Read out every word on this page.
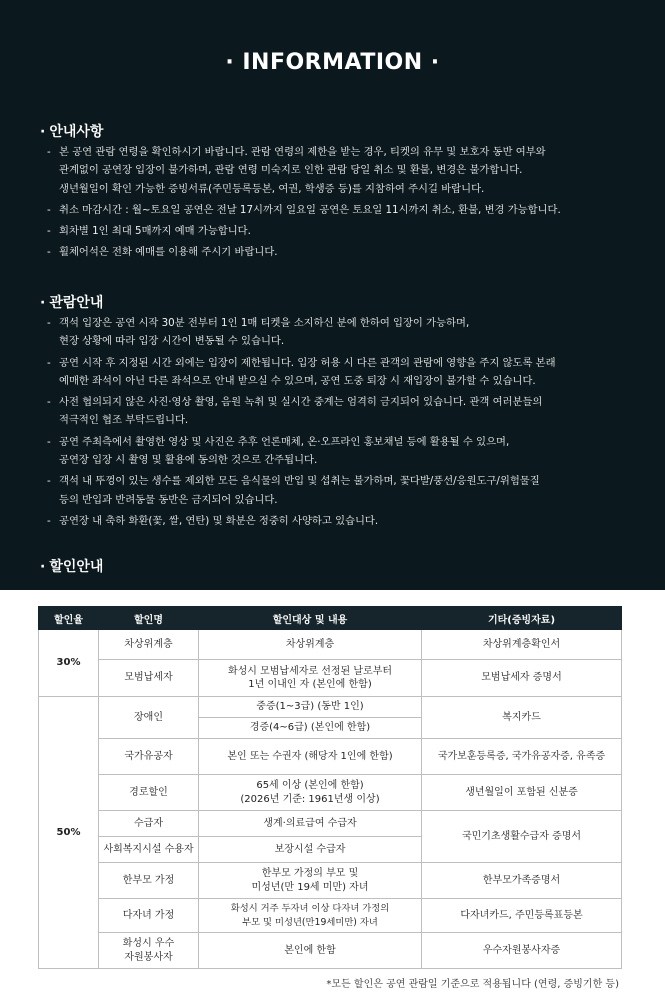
· INFORMATION ·
· 안내사항
- 본 공연 관람 연령을 확인하시기 바랍니다. 관람 연령의 제한을 받는 경우, 티켓의 유무 및 보호자 동반 여부와
관계없이 공연장 입장이 불가하며, 관람 연령 미숙지로 인한 관람 당일 취소 및 환불, 변경은 불가합니다.
생년월일이 확인 가능한 증빙서류(주민등록등본, 여권, 학생증 등)를 지참하여 주시길 바랍니다.
- 취소 마감시간 : 월~토요일 공연은 전날 17시까지 일요일 공연은 토요일 11시까지 취소, 환불, 변경 가능합니다.
- 회차별 1인 최대 5매까지 예매 가능합니다.
- 휠체어석은 전화 예매를 이용해 주시기 바랍니다.
· 관람안내
- 객석 입장은 공연 시작 30분 전부터 1인 1매 티켓을 소지하신 분에 한하여 입장이 가능하며,
현장 상황에 따라 입장 시간이 변동될 수 있습니다.
- 공연 시작 후 지정된 시간 외에는 입장이 제한됩니다. 입장 허용 시 다른 관객의 관람에 영향을 주지 않도록 본래
예매한 좌석이 아닌 다른 좌석으로 안내 받으실 수 있으며, 공연 도중 퇴장 시 재입장이 불가할 수 있습니다.
- 사전 협의되지 않은 사진·영상 촬영, 음원 녹취 및 실시간 중계는 엄격히 금지되어 있습니다. 관객 여러분들의
적극적인 협조 부탁드립니다.
- 공연 주최측에서 촬영한 영상 및 사진은 추후 언론매체, 온·오프라인 홍보채널 등에 활용될 수 있으며,
공연장 입장 시 촬영 및 활용에 동의한 것으로 간주됩니다.
- 객석 내 뚜껑이 있는 생수를 제외한 모든 음식물의 반입 및 섭취는 불가하며, 꽃다발/풍선/응원도구/위험물질
등의 반입과 반려동물 동반은 금지되어 있습니다.
- 공연장 내 축하 화환(꽃, 쌀, 연탄) 및 화분은 정중히 사양하고 있습니다.
· 할인안내
할인율	할인명	할인대상 및 내용	기타(증빙자료)
30%	차상위계층	차상위계층	차상위계층확인서
	모범납세자	화성시 모범납세자로 선정된 날로부터
1년 이내인 자 (본인에 한함)	모범납세자 증명서
50%	장애인	중증(1~3급) (동반 1인)	복지카드
		경증(4~6급) (본인에 한함)	
	국가유공자	본인 또는 수권자 (해당자 1인에 한함)	국가보훈등록증, 국가유공자증, 유족증
	경로할인	65세 이상 (본인에 한함)
(2026년 기준: 1961년생 이상)	생년월일이 포함된 신분증
	수급자	생계·의료급여 수급자	국민기초생활수급자 증명서
	사회복지시설 수용자	보장시설 수급자	
	한부모 가정	한부모 가정의 부모 및
미성년(만 19세 미만) 자녀	한부모가족증명서
	다자녀 가정	화성시 거주 두자녀 이상 다자녀 가정의
부모 및 미성년(만19세미만) 자녀	다자녀카드, 주민등록표등본
	화성시 우수
자원봉사자	본인에 한함	우수자원봉사자증
*모든 할인은 공연 관람일 기준으로 적용됩니다 (연령, 증빙기한 등)
